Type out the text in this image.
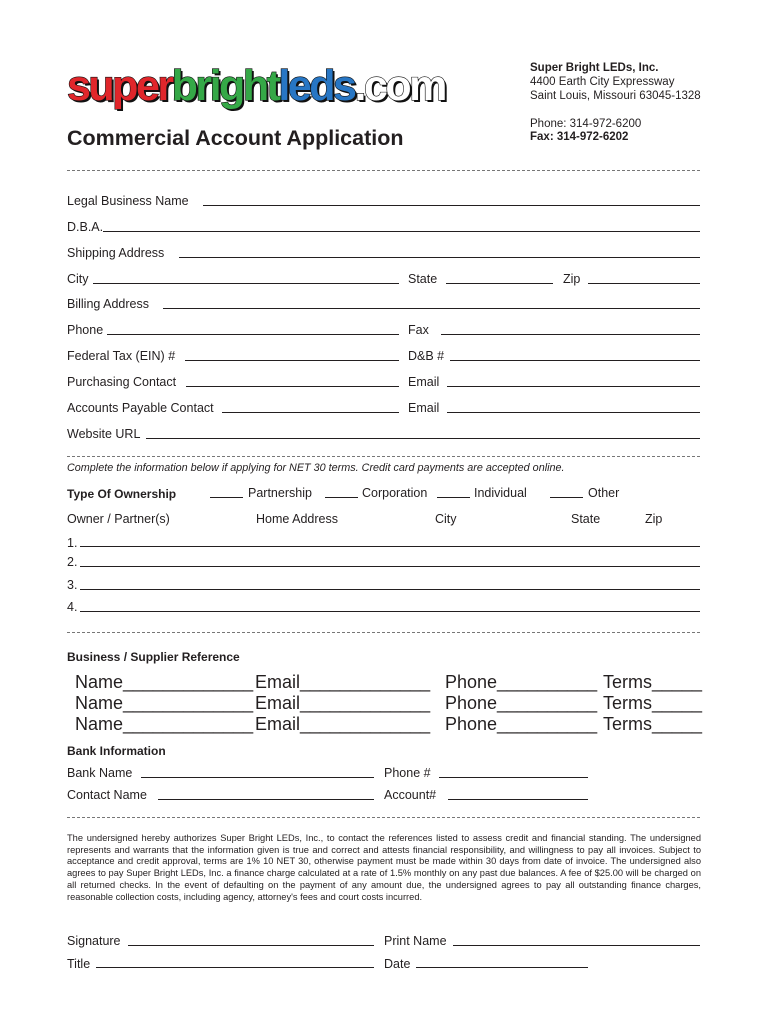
superbrightleds.com
Commercial Account Application
Super Bright LEDs, Inc.
4400 Earth City Expressway
Saint Louis, Missouri 63045-1328
Phone: 314-972-6200
Fax: 314-972-6202
Legal Business Name
D.B.A.
Shipping Address
City	State	Zip
Billing Address
Phone	Fax
Federal Tax (EIN) #	D&B #
Purchasing Contact	Email
Accounts Payable Contact	Email
Website URL
Complete the information below if applying for NET 30 terms. Credit card payments are accepted online.
Type Of Ownership	Partnership	Corporation	Individual	Other
Owner / Partner(s)	Home Address	City	State	Zip
1.
2.
3.
4.
Business / Supplier Reference
Name_____________ Email_____________ Phone__________ Terms_____
Name_____________ Email_____________ Phone__________ Terms_____
Name_____________ Email_____________ Phone__________ Terms_____
Bank Information
Bank Name	Phone #
Contact Name	Account#
The undersigned hereby authorizes Super Bright LEDs, Inc., to contact the references listed to assess credit and financial standing. The undersigned represents and warrants that the information given is true and correct and attests financial responsibility, and willingness to pay all invoices. Subject to acceptance and credit approval, terms are 1% 10 NET 30, otherwise payment must be made within 30 days from date of invoice. The undersigned also agrees to pay Super Bright LEDs, Inc. a finance charge calculated at a rate of 1.5% monthly on any past due balances. A fee of $25.00 will be charged on all returned checks. In the event of defaulting on the payment of any amount due, the undersigned agrees to pay all outstanding finance charges, reasonable collection costs, including agency, attorney's fees and court costs incurred.
Signature	Print Name
Title	Date
